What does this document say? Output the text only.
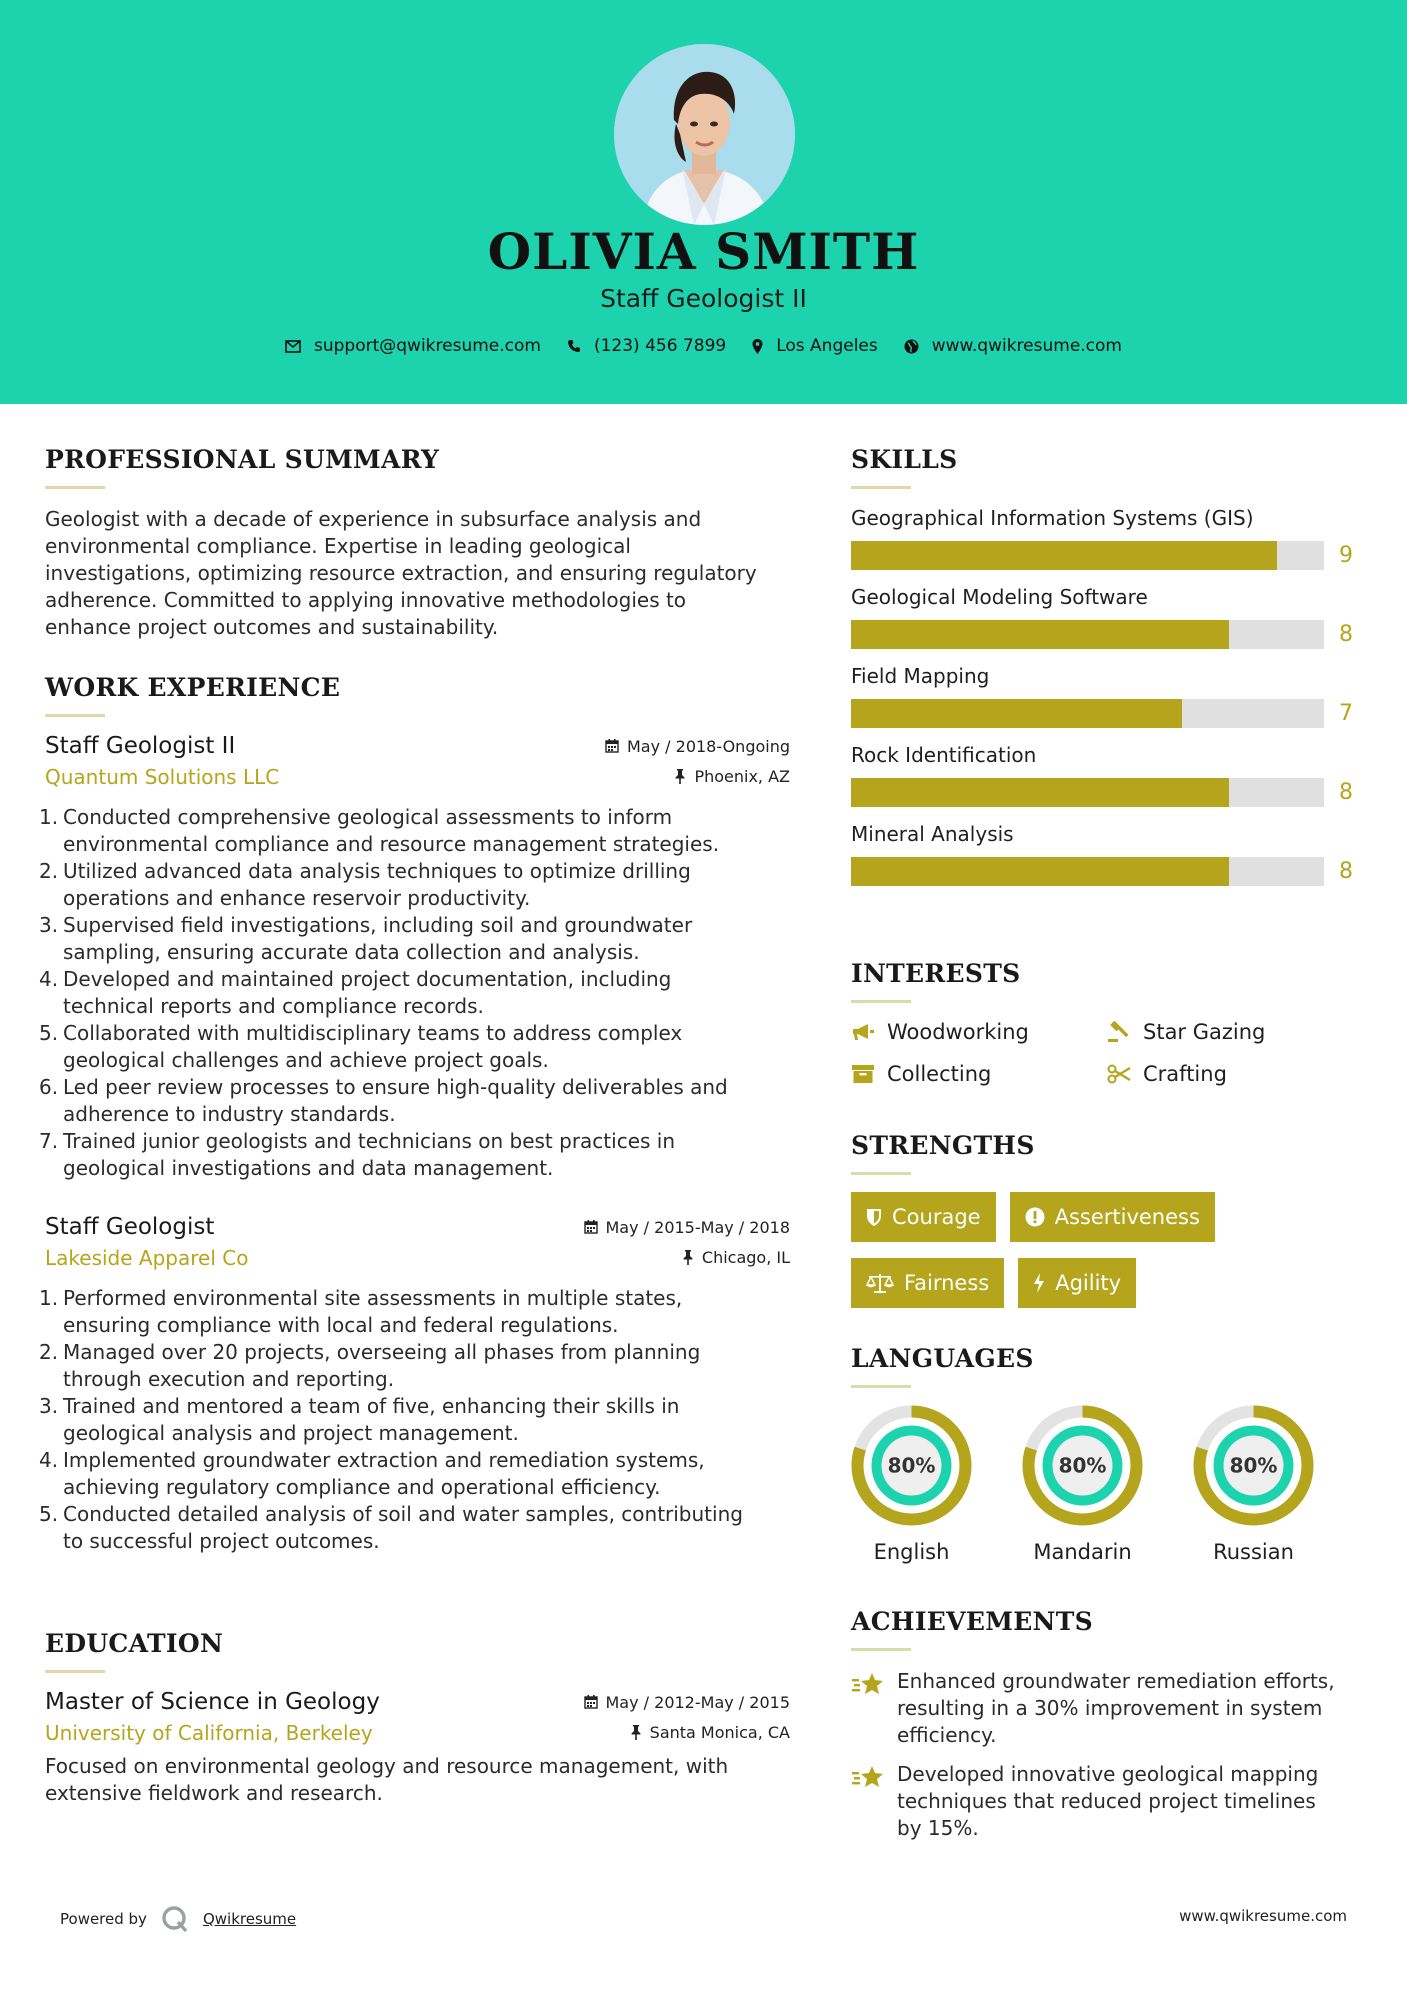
OLIVIA SMITH
Staff Geologist II
support@qwikresume.com	(123) 456 7899	Los Angeles	www.qwikresume.com
PROFESSIONAL SUMMARY
Geologist with a decade of experience in subsurface analysis and
environmental compliance. Expertise in leading geological
investigations, optimizing resource extraction, and ensuring regulatory
adherence. Committed to applying innovative methodologies to
enhance project outcomes and sustainability.
WORK EXPERIENCE
Staff Geologist II	May / 2018-Ongoing
Quantum Solutions LLC	Phoenix, AZ
1. Conducted comprehensive geological assessments to inform
environmental compliance and resource management strategies.
2. Utilized advanced data analysis techniques to optimize drilling
operations and enhance reservoir productivity.
3. Supervised field investigations, including soil and groundwater
sampling, ensuring accurate data collection and analysis.
4. Developed and maintained project documentation, including
technical reports and compliance records.
5. Collaborated with multidisciplinary teams to address complex
geological challenges and achieve project goals.
6. Led peer review processes to ensure high-quality deliverables and
adherence to industry standards.
7. Trained junior geologists and technicians on best practices in
geological investigations and data management.
Staff Geologist	May / 2015-May / 2018
Lakeside Apparel Co	Chicago, IL
1. Performed environmental site assessments in multiple states,
ensuring compliance with local and federal regulations.
2. Managed over 20 projects, overseeing all phases from planning
through execution and reporting.
3. Trained and mentored a team of five, enhancing their skills in
geological analysis and project management.
4. Implemented groundwater extraction and remediation systems,
achieving regulatory compliance and operational efficiency.
5. Conducted detailed analysis of soil and water samples, contributing
to successful project outcomes.
EDUCATION
Master of Science in Geology	May / 2012-May / 2015
University of California, Berkeley	Santa Monica, CA
Focused on environmental geology and resource management, with
extensive fieldwork and research.
SKILLS
Geographical Information Systems (GIS)
9
Geological Modeling Software
8
Field Mapping
7
Rock Identification
8
Mineral Analysis
8
INTERESTS
Woodworking	Star Gazing
Collecting	Crafting
STRENGTHS
Courage	Assertiveness
Fairness	Agility
LANGUAGES
80%
English
80%
Mandarin
80%
Russian
ACHIEVEMENTS
Enhanced groundwater remediation efforts,
resulting in a 30% improvement in system
efficiency.
Developed innovative geological mapping
techniques that reduced project timelines
by 15%.
Powered by	Qwikresume	www.qwikresume.com
